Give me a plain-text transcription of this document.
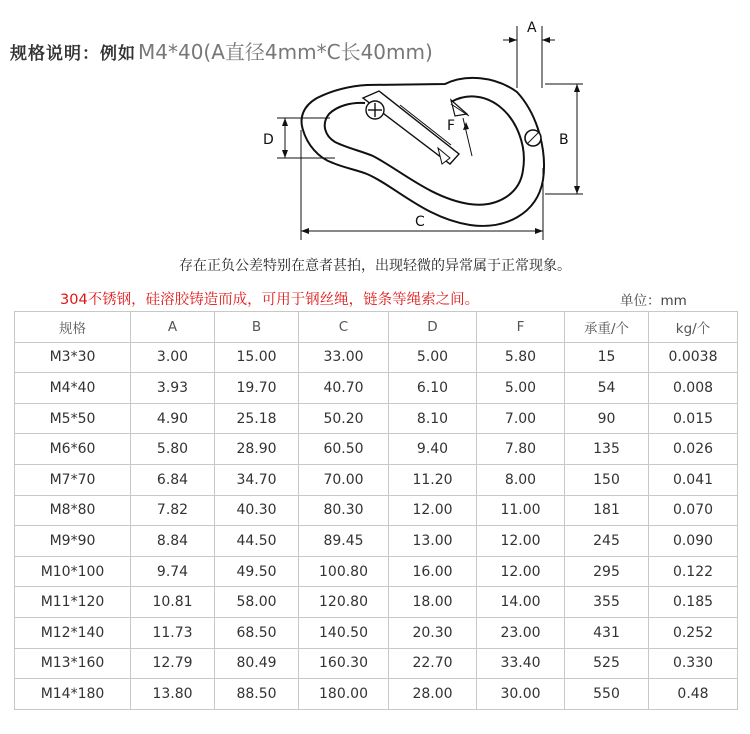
规格说明：例如 M4*40(A直径4mm*C长40mm)
A
B
C
D
F
存在正负公差特别在意者甚拍，出现轻微的异常属于正常现象。
304不锈钢，硅溶胶铸造而成，可用于钢丝绳，链条等绳索之间。	单位：mm
规格	A	B	C	D	F	承重/个	kg/个
M3*30	3.00	15.00	33.00	5.00	5.80	15	0.0038
M4*40	3.93	19.70	40.70	6.10	5.00	54	0.008
M5*50	4.90	25.18	50.20	8.10	7.00	90	0.015
M6*60	5.80	28.90	60.50	9.40	7.80	135	0.026
M7*70	6.84	34.70	70.00	11.20	8.00	150	0.041
M8*80	7.82	40.30	80.30	12.00	11.00	181	0.070
M9*90	8.84	44.50	89.45	13.00	12.00	245	0.090
M10*100	9.74	49.50	100.80	16.00	12.00	295	0.122
M11*120	10.81	58.00	120.80	18.00	14.00	355	0.185
M12*140	11.73	68.50	140.50	20.30	23.00	431	0.252
M13*160	12.79	80.49	160.30	22.70	33.40	525	0.330
M14*180	13.80	88.50	180.00	28.00	30.00	550	0.48
